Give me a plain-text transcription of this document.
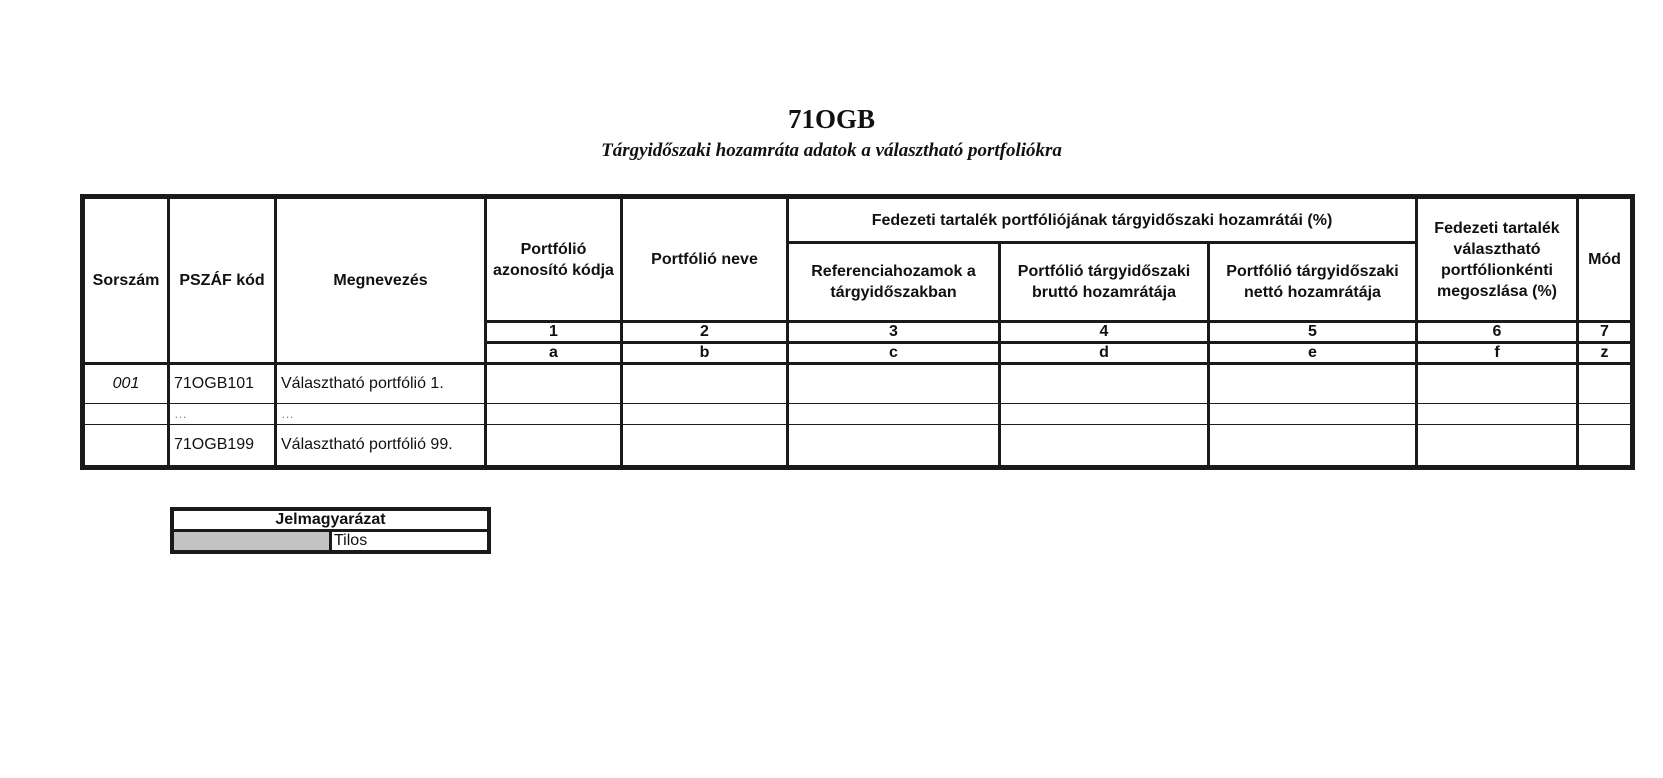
71OGB
Tárgyidőszaki hozamráta adatok a választható portfoliókra
Sorszám	PSZÁF kód	Megnevezés	Portfólió azonosító kódja	Portfólió neve	Fedezeti tartalék portfóliójának tárgyidőszaki hozamrátái (%)			Fedezeti tartalék választható portfólionkénti megoszlása (%)	Mód
					Referenciahozamok a tárgyidőszakban	Portfólió tárgyidőszaki bruttó hozamrátája	Portfólió tárgyidőszaki nettó hozamrátája		
			1	2	3	4	5	6	7
			a	b	c	d	e	f	z
001	71OGB101	Választható portfólió 1.							
	…	…							
	71OGB199	Választható portfólió 99.							
Jelmagyarázat
	Tilos
